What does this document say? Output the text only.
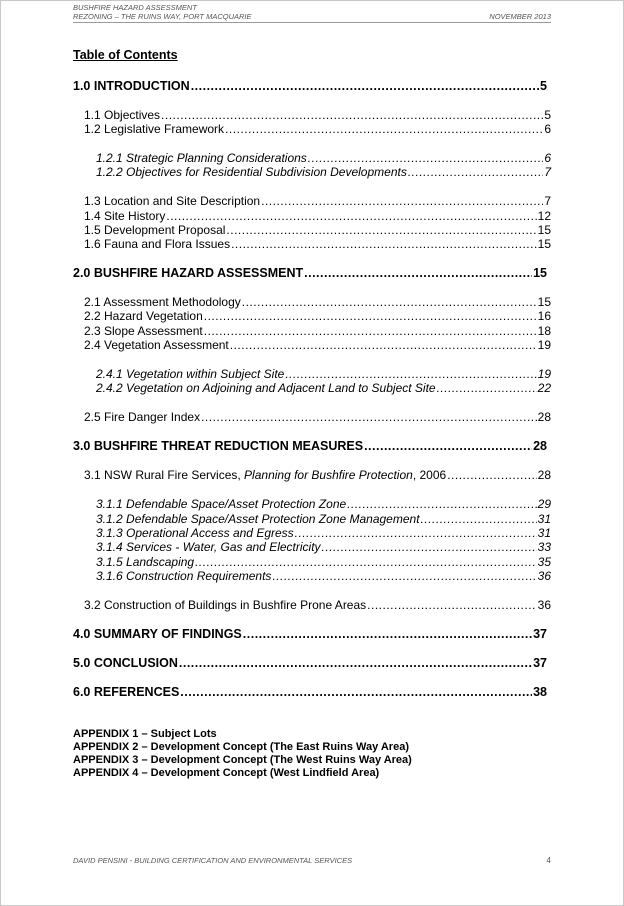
BUSHFIRE HAZARD ASSESSMENT
REZONING – THE RUINS WAY, PORT MACQUARIE	NOVEMBER 2013
Table of Contents
1.0 INTRODUCTION .....	5
1.1 Objectives .....	5
1.2 Legislative Framework .....	6
1.2.1 Strategic Planning Considerations .....	6
1.2.2 Objectives for Residential Subdivision Developments .....	7
1.3 Location and Site Description .....	7
1.4 Site History .....	12
1.5 Development Proposal .....	15
1.6 Fauna and Flora Issues .....	15
2.0 BUSHFIRE HAZARD ASSESSMENT .....	15
2.1 Assessment Methodology .....	15
2.2 Hazard Vegetation .....	16
2.3 Slope Assessment .....	18
2.4 Vegetation Assessment .....	19
2.4.1 Vegetation within Subject Site .....	19
2.4.2 Vegetation on Adjoining and Adjacent Land to Subject Site .....	22
2.5 Fire Danger Index .....	28
3.0 BUSHFIRE THREAT REDUCTION MEASURES .....	28
3.1 NSW Rural Fire Services, Planning for Bushfire Protection, 2006 .....	28
3.1.1 Defendable Space/Asset Protection Zone .....	29
3.1.2 Defendable Space/Asset Protection Zone Management .....	31
3.1.3 Operational Access and Egress .....	31
3.1.4 Services - Water, Gas and Electricity .....	33
3.1.5 Landscaping .....	35
3.1.6 Construction Requirements .....	36
3.2 Construction of Buildings in Bushfire Prone Areas .....	36
4.0 SUMMARY OF FINDINGS .....	37
5.0 CONCLUSION .....	37
6.0 REFERENCES .....	38
APPENDIX 1 – Subject Lots
APPENDIX 2 – Development Concept (The East Ruins Way Area)
APPENDIX 3 – Development Concept (The West Ruins Way Area)
APPENDIX 4 – Development Concept (West Lindfield Area)
DAVID PENSINI - BUILDING CERTIFICATION AND ENVIRONMENTAL SERVICES	4
